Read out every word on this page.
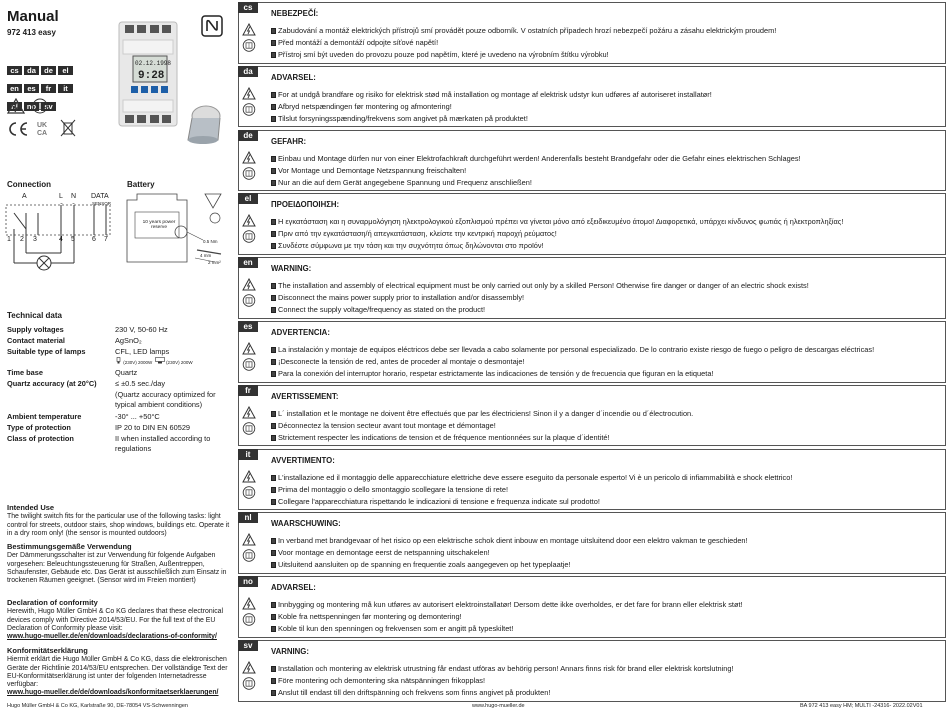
Manual
972 413 easy
cs da de el
en es fr it
nl no sv

UK
CA

02.12.1998
9:28
Connection	Battery
A	L N DATA
~ ~	SENSOR
1 2 3	4 5 6 7
10 years power reserve
0.5 Nm
4 mm
2 mm²
Technical data
Supply voltages	230 V, 50-60 Hz
Contact material	AgSnO₂
Suitable type of lamps	CFL, LED lamps
(230V) 2000W	(230V) 200W
Time base	Quartz
Quartz accuracy (at 20°C)	≤ ±0.5 sec./day
(Quartz accuracy optimized for typical ambient conditions)
Ambient temperature	-30° ... +50°C
Type of protection	IP 20 to DIN EN 60529
Class of protection	II when installed according to regulations
Intended Use
The twilight switch fits for the particular use of the following tasks: light control for streets, outdoor stairs, shop windows, buildings etc. Operate it in a dry room only! (the sensor is mounted outdoors)
Bestimmungsgemäße Verwendung
Der Dämmerungsschalter ist zur Verwendung für folgende Aufgaben vorgesehen: Beleuchtungssteuerung für Straßen, Außentreppen, Schaufenster, Gebäude etc. Das Gerät ist ausschließlich zum Einsatz in trockenen Räumen geeignet. (Sensor wird im Freien montiert)
Declaration of conformity
Herewith, Hugo Müller GmbH & Co KG declares that these electronical devices comply with Directive 2014/53/EU. For the full text of the EU Declaration of Conformity please visit:
www.hugo-mueller.de/en/downloads/declarations-of-conformity/
Konformitätserklärung
Hiermit erklärt die Hugo Müller GmbH & Co KG, dass die elektronischen Geräte der Richtlinie 2014/53/EU entsprechen. Der vollständige Text der EU-Konformitätserklärung ist unter der folgenden Internetadresse verfügbar:
www.hugo-mueller.de/de/downloads/konformitaetserklaerungen/
cs
NEBEZPEČÍ:
Zabudování a montáž elektrických přístrojů smí provádět pouze odborník. V ostatních případech hrozí nebezpečí požáru a zásahu elektrickým proudem!
Před montáží a demontáží odpojte síťové napětí!
Přístroj smí být uveden do provozu pouze pod napětím, které je uvedeno na výrobním štítku výrobku!
da
ADVARSEL:
For at undgå brandfare og risiko for elektrisk stød må installation og montage af elektrisk udstyr kun udføres af autoriseret installatør!
Afbryd netspændingen før montering og afmontering!
Tilslut forsyningsspænding/frekvens som angivet på mærkaten på produktet!
de
GEFAHR:
Einbau und Montage dürfen nur von einer Elektrofachkraft durchgeführt werden! Anderenfalls besteht Brandgefahr oder die Gefahr eines elektrischen Schlages!
Vor Montage und Demontage Netzspannung freischalten!
Nur an die auf dem Gerät angegebene Spannung und Frequenz anschließen!
el
ΠΡΟΕΙΔΟΠΟΙΗΣΗ:
Η εγκατάσταση και η συναρμολόγηση ηλεκτρολογικού εξοπλισμού πρέπει να γίνεται μόνο από εξειδικευμένο άτομο! Διαφορετικά, υπάρχει κίνδυνος φωτιάς ή ηλεκτροπληξίας!
Πριν από την εγκατάσταση/ή απεγκατάσταση, κλείστε την κεντρική παροχή ρεύματος!
Συνδέστε σύμφωνα με την τάση και την συχνότητα όπως δηλώνονται στο προϊόν!
en
WARNING:
The installation and assembly of electrical equipment must be only carried out only by a skilled Person! Otherwise fire danger or danger of an electric shock exists!
Disconnect the mains power supply prior to installation and/or disassembly!
Connect the supply voltage/frequency as stated on the product!
es
ADVERTENCIA:
La instalación y montaje de equipos eléctricos debe ser llevada a cabo solamente por personal especializado. De lo contrario existe riesgo de fuego o peligro de descargas eléctricas!
¡Desconecte la tensión de red, antes de proceder al montaje o desmontaje!
Para la conexión del interruptor horario, respetar estrictamente las indicaciones de tensión y de frecuencia que figuran en la etiqueta!
fr
AVERTISSEMENT:
L´ installation et le montage ne doivent être effectués que par les électriciens! Sinon il y a danger d´incendie ou d´électrocution.
Déconnectez la tension secteur avant tout montage et démontage!
Strictement respecter les indications de tension et de fréquence mentionnées sur la plaque d´identité!
it
AVVERTIMENTO:
L'installazione ed il montaggio delle apparecchiature elettriche deve essere eseguito da personale esperto! Vi è un pericolo di infiammabilità e shock elettrico!
Prima del montaggio o dello smontaggio scollegare la tensione di rete!
Collegare l'apparecchiatura rispettando le indicazioni di tensione e frequenza indicate sul prodotto!
nl
WAARSCHUWING:
In verband met brandgevaar of het risico op een elektrische schok dient inbouw en montage uitsluitend door een elektro vakman te geschieden!
Voor montage en demontage eerst de netspanning uitschakelen!
Uitsluitend aansluiten op de spanning en frequentie zoals aangegeven op het typeplaatje!
no
ADVARSEL:
Innbygging og montering må kun utføres av autorisert elektroinstallatør! Dersom dette ikke overholdes, er det fare for brann eller elektrisk støt!
Koble fra nettspenningen før montering og demontering!
Koble til kun den spenningen og frekvensen som er angitt på typeskiltet!
sv
VARNING:
Installation och montering av elektrisk utrustning får endast utföras av behörig person! Annars finns risk för brand eller elektrisk kortslutning!
Före montering och demontering ska nätspänningen frikopplas!
Anslut till endast till den driftspänning och frekvens som finns angivet på produkten!
Hugo Müller GmbH & Co KG, Karlstraße 90, DE-78054 VS-Schwenningen	www.hugo-mueller.de	BA 972 413 easy HM; MULTI -24316- 2022.02V01
